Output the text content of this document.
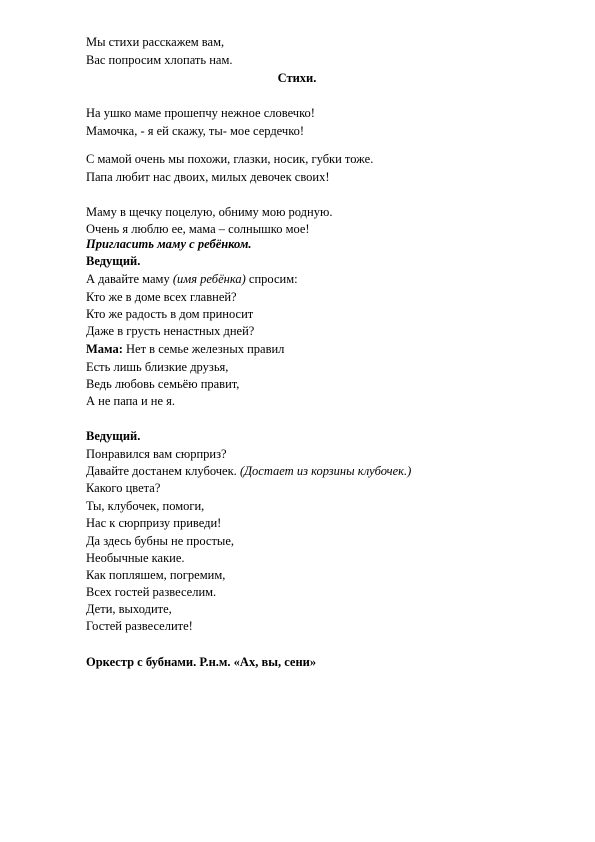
Мы стихи расскажем вам,
Вас попросим хлопать нам.
Стихи.
На ушко маме прошепчу нежное словечко!
Мамочка, - я ей скажу, ты- мое сердечко!
С мамой очень мы похожи, глазки, носик, губки тоже.
Папа любит нас двоих, милых девочек своих!
Маму в щечку поцелую, обниму мою родную.
Очень я люблю ее, мама – солнышко мое!
Пригласить маму с ребёнком.
Ведущий.
А давайте маму (имя ребёнка) спросим:
Кто же в доме всех главней?
Кто же радость в дом приносит
Даже в грусть ненастных дней?
Мама: Нет в семье железных правил
Есть лишь близкие друзья,
Ведь любовь семьёю правит,
А не папа и не я.
Ведущий.
Понравился вам сюрприз?
Давайте достанем клубочек. (Достает из корзины клубочек.)
Какого цвета?
Ты, клубочек, помоги,
Нас к сюрпризу приведи!
Да здесь бубны не простые,
Необычные какие.
Как попляшем, погремим,
Всех гостей развеселим.
Дети, выходите,
Гостей развеселите!
Оркестр с бубнами. Р.н.м. «Ах, вы, сени»
